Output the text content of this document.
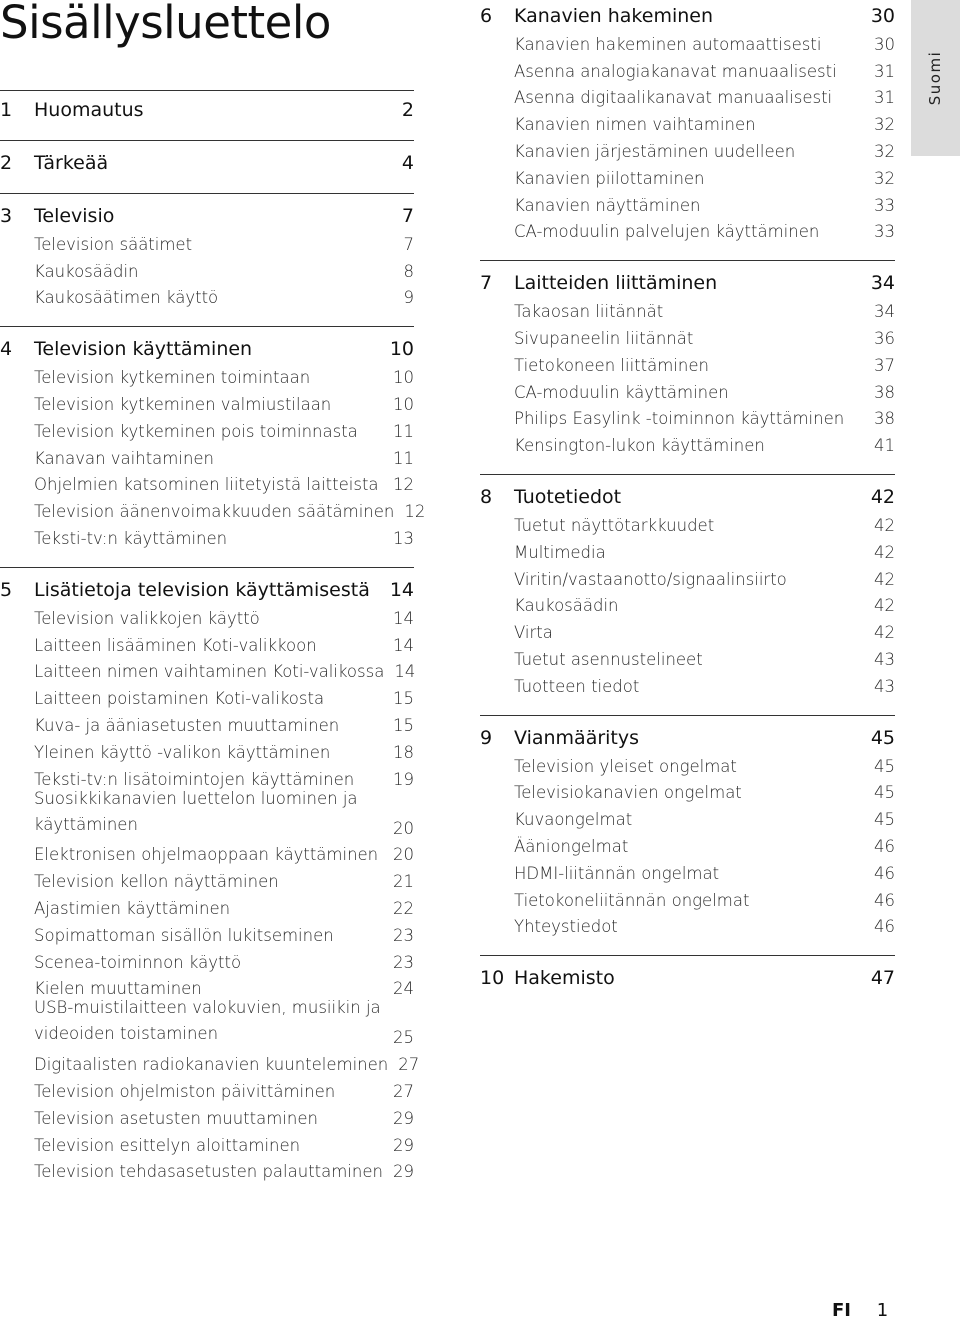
Sisällysluettelo
1	Huomautus	2
2	Tärkeää	4
3	Televisio	7
Television säätimet	7
Kaukosäädin	8
Kaukosäätimen käyttö	9
4	Television käyttäminen	10
Television kytkeminen toimintaan	10
Television kytkeminen valmiustilaan	10
Television kytkeminen pois toiminnasta	11
Kanavan vaihtaminen	11
Ohjelmien katsominen liitetyistä laitteista 12
Television äänenvoimakkuuden säätäminen 12
Teksti-tv:n käyttäminen	13
5	Lisätietoja television käyttämisestä	14
Television valikkojen käyttö	14
Laitteen lisääminen Koti-valikkoon	14
Laitteen nimen vaihtaminen Koti-valikossa 14
Laitteen poistaminen Koti-valikosta	15
Kuva- ja ääniasetusten muuttaminen	15
Yleinen käyttö -valikon käyttäminen	18
Teksti-tv:n lisätoimintojen käyttäminen	19
Suosikkikanavien luettelon luominen ja käyttäminen	20
Elektronisen ohjelmaoppaan käyttäminen 20
Television kellon näyttäminen	21
Ajastimien käyttäminen	22
Sopimattoman sisällön lukitseminen	23
Scenea-toiminnon käyttö	23
Kielen muuttaminen	24
USB-muistilaitteen valokuvien, musiikin ja videoiden toistaminen	25
Digitaalisten radiokanavien kuunteleminen 27
Television ohjelmiston päivittäminen	27
Television asetusten muuttaminen	29
Television esittelyn aloittaminen	29
Television tehdasasetusten palauttaminen 29
6	Kanavien hakeminen	30
Kanavien hakeminen automaattisesti	30
Asenna analogiakanavat manuaalisesti	31
Asenna digitaalikanavat manuaalisesti	31
Kanavien nimen vaihtaminen	32
Kanavien järjestäminen uudelleen	32
Kanavien piilottaminen	32
Kanavien näyttäminen	33
CA-moduulin palvelujen käyttäminen	33
7	Laitteiden liittäminen	34
Takaosan liitännät	34
Sivupaneelin liitännät	36
Tietokoneen liittäminen	37
CA-moduulin käyttäminen	38
Philips Easylink -toiminnon käyttäminen	38
Kensington-lukon käyttäminen	41
8	Tuotetiedot	42
Tuetut näyttötarkkuudet	42
Multimedia	42
Viritin/vastaanotto/signaalinsiirto	42
Kaukosäädin	42
Virta	42
Tuetut asennustelineet	43
Tuotteen tiedot	43
9	Vianmääritys	45
Television yleiset ongelmat	45
Televisiokanavien ongelmat	45
Kuvaongelmat	45
Ääniongelmat	46
HDMI-liitännän ongelmat	46
Tietokoneliitännän ongelmat	46
Yhteystiedot	46
10 Hakemisto	47
Suomi
FI 1
